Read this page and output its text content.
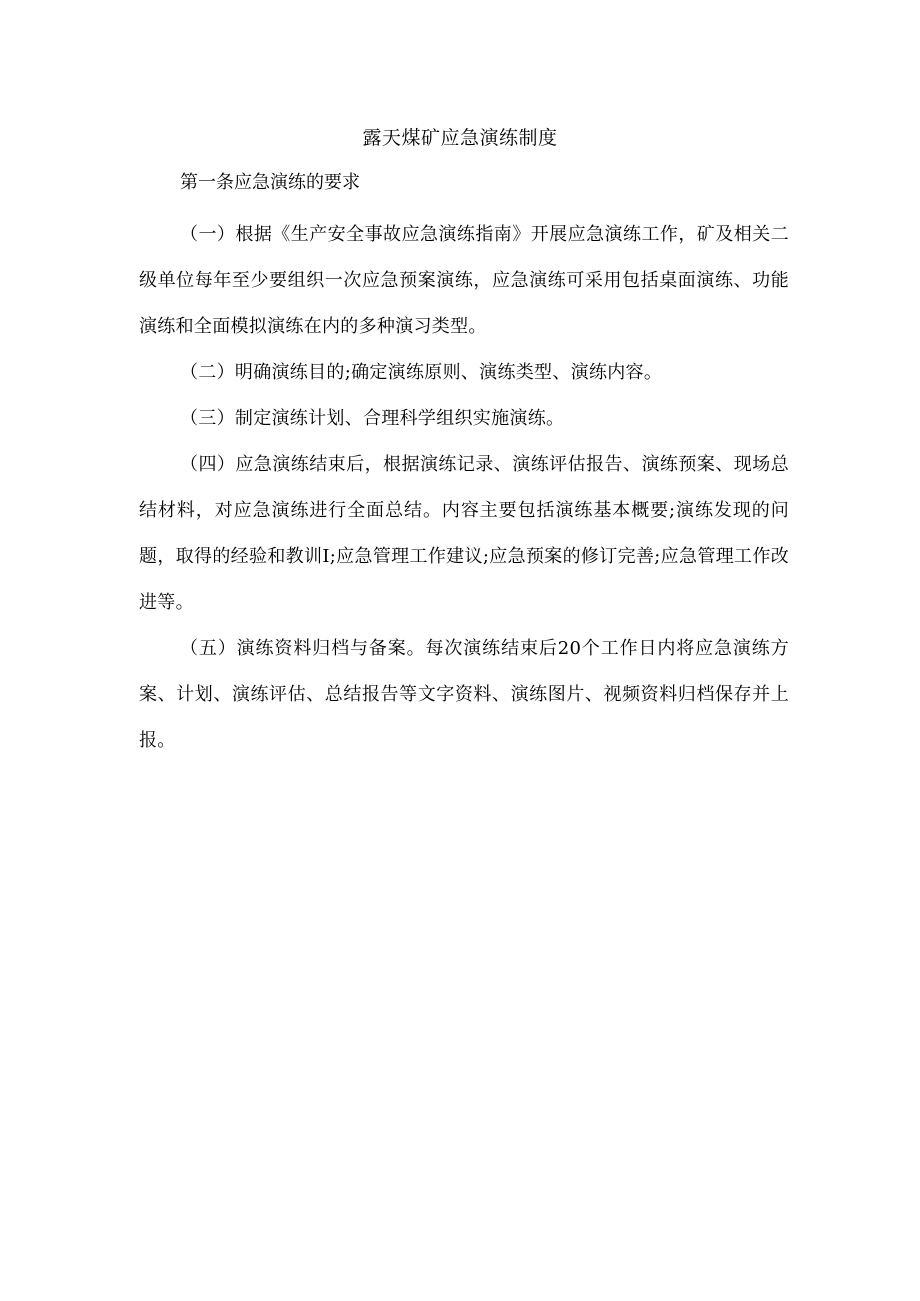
露天煤矿应急演练制度
第一条应急演练的要求

（一）根据《生产安全事故应急演练指南》开展应急演练工作，矿及相关二级单位每年至少要组织一次应急预案演练，应急演练可采用包括桌面演练、功能演练和全面模拟演练在内的多种演习类型。

（二）明确演练目的;确定演练原则、演练类型、演练内容。

（三）制定演练计划、合理科学组织实施演练。

（四）应急演练结束后，根据演练记录、演练评估报告、演练预案、现场总结材料，对应急演练进行全面总结。内容主要包括演练基本概要;演练发现的问题，取得的经验和教训I;应急管理工作建议;应急预案的修订完善;应急管理工作改进等。

（五）演练资料归档与备案。每次演练结束后20个工作日内将应急演练方案、计划、演练评估、总结报告等文字资料、演练图片、视频资料归档保存并上报。
